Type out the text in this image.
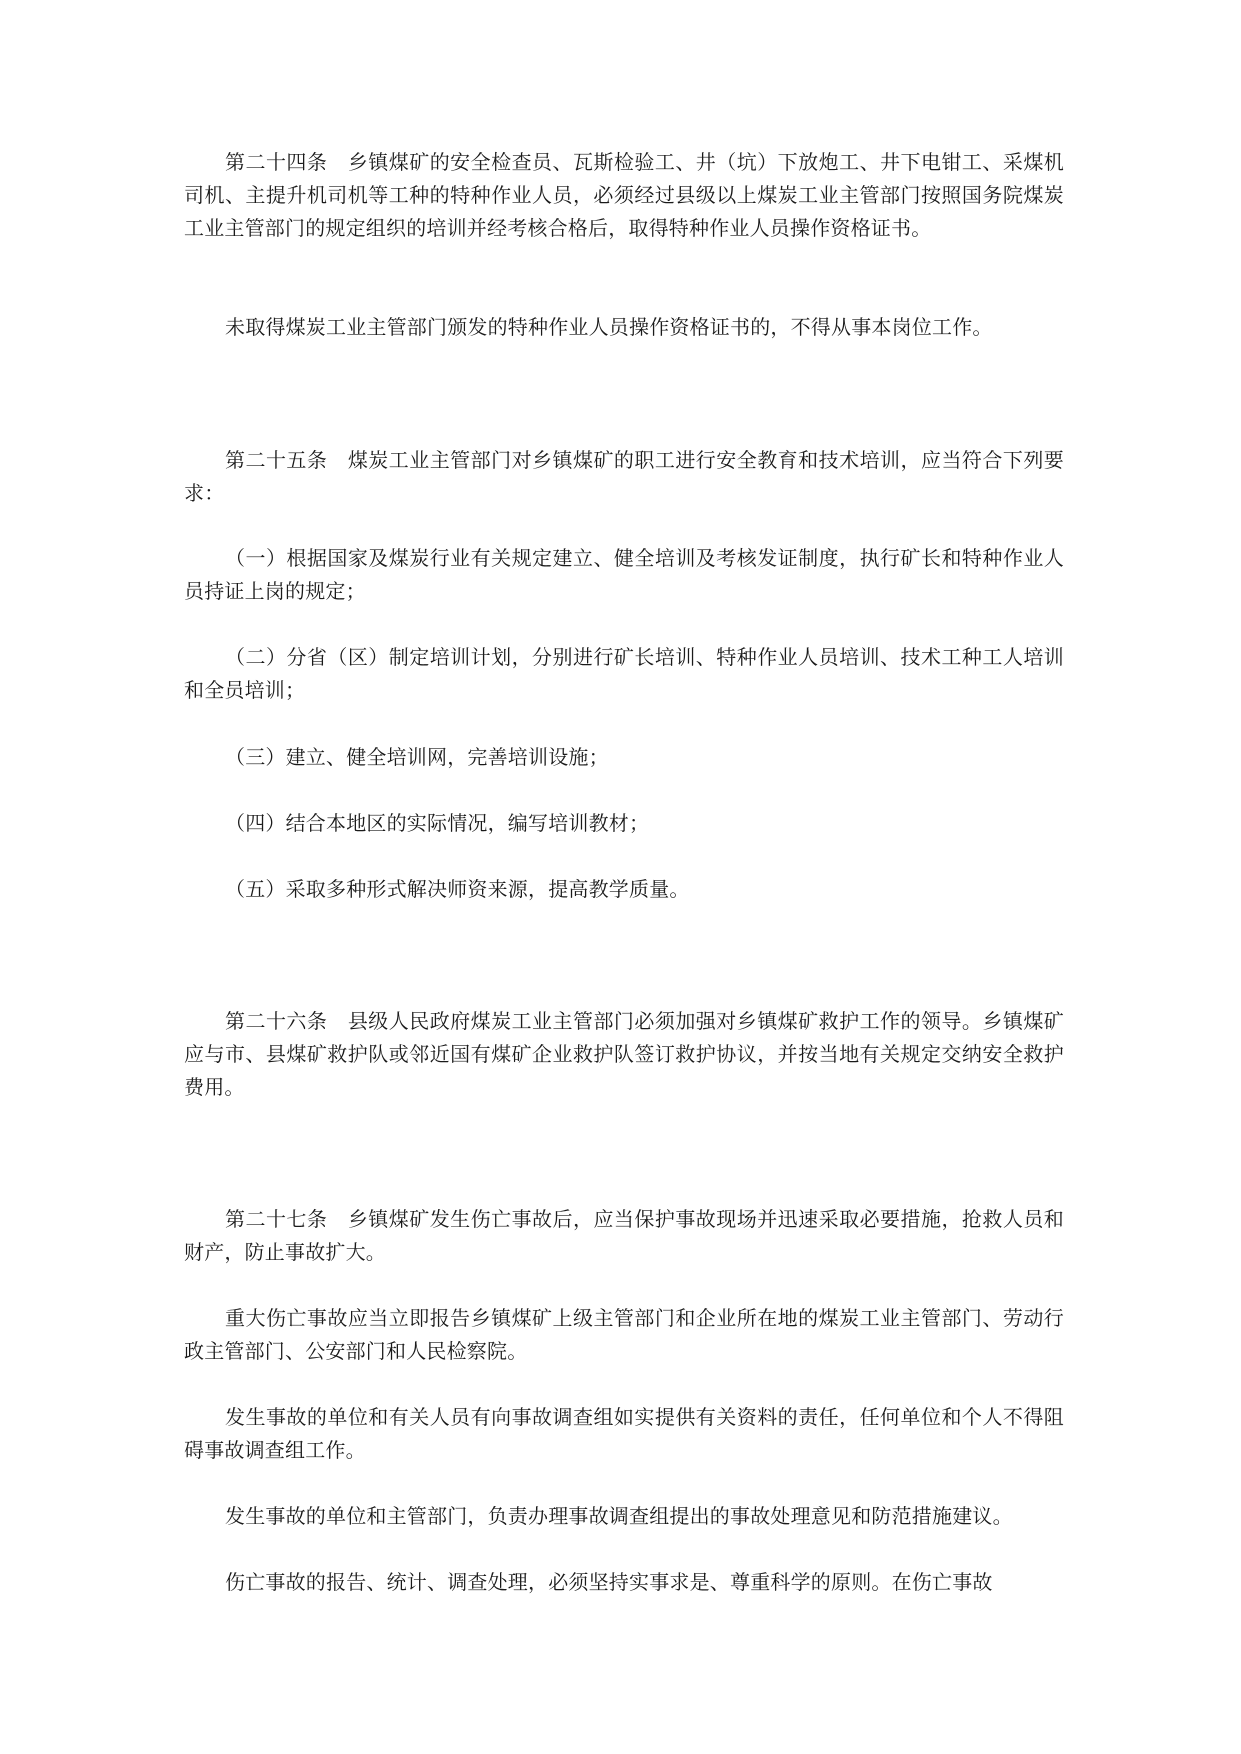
第二十四条　乡镇煤矿的安全检查员、瓦斯检验工、井（坑）下放炮工、井下电钳工、采煤机司机、主提升机司机等工种的特种作业人员，必须经过县级以上煤炭工业主管部门按照国务院煤炭工业主管部门的规定组织的培训并经考核合格后，取得特种作业人员操作资格证书。

未取得煤炭工业主管部门颁发的特种作业人员操作资格证书的，不得从事本岗位工作。

第二十五条　煤炭工业主管部门对乡镇煤矿的职工进行安全教育和技术培训，应当符合下列要求：

（一）根据国家及煤炭行业有关规定建立、健全培训及考核发证制度，执行矿长和特种作业人员持证上岗的规定；

（二）分省（区）制定培训计划，分别进行矿长培训、特种作业人员培训、技术工种工人培训和全员培训；

（三）建立、健全培训网，完善培训设施；

（四）结合本地区的实际情况，编写培训教材；

（五）采取多种形式解决师资来源，提高教学质量。

第二十六条　县级人民政府煤炭工业主管部门必须加强对乡镇煤矿救护工作的领导。乡镇煤矿应与市、县煤矿救护队或邻近国有煤矿企业救护队签订救护协议，并按当地有关规定交纳安全救护费用。

第二十七条　乡镇煤矿发生伤亡事故后，应当保护事故现场并迅速采取必要措施，抢救人员和财产，防止事故扩大。

重大伤亡事故应当立即报告乡镇煤矿上级主管部门和企业所在地的煤炭工业主管部门、劳动行政主管部门、公安部门和人民检察院。

发生事故的单位和有关人员有向事故调查组如实提供有关资料的责任，任何单位和个人不得阻碍事故调查组工作。

发生事故的单位和主管部门，负责办理事故调查组提出的事故处理意见和防范措施建议。

伤亡事故的报告、统计、调查处理，必须坚持实事求是、尊重科学的原则。在伤亡事故
